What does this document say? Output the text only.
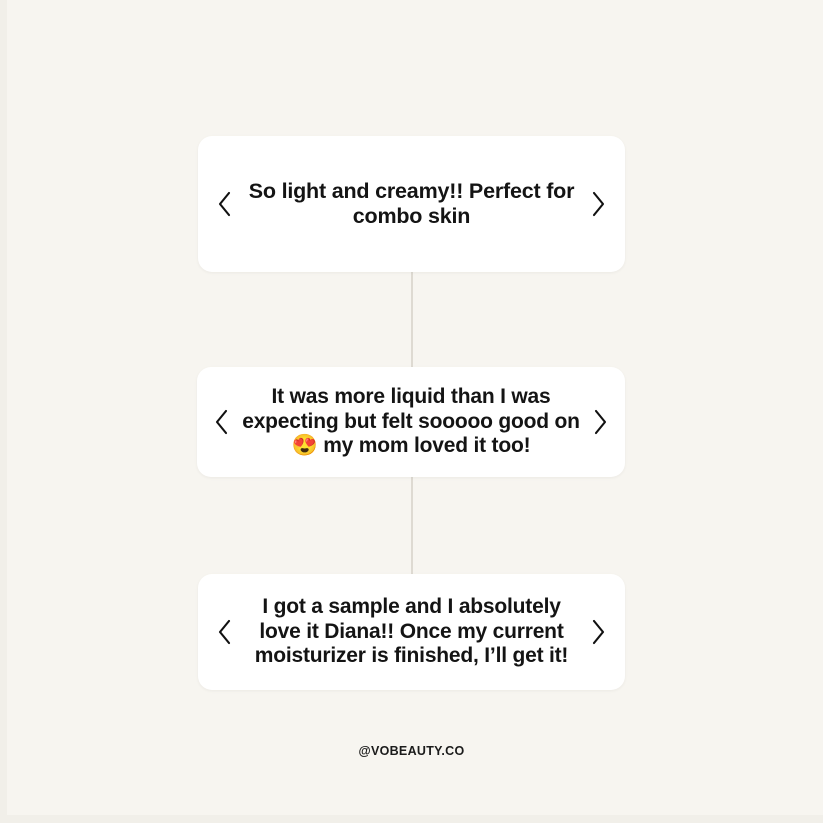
So light and creamy!! Perfect for combo skin
It was more liquid than I was expecting but felt sooooo good on 😍 my mom loved it too!
I got a sample and I absolutely love it Diana!! Once my current moisturizer is finished, I’ll get it!
@VOBEAUTY.CO
